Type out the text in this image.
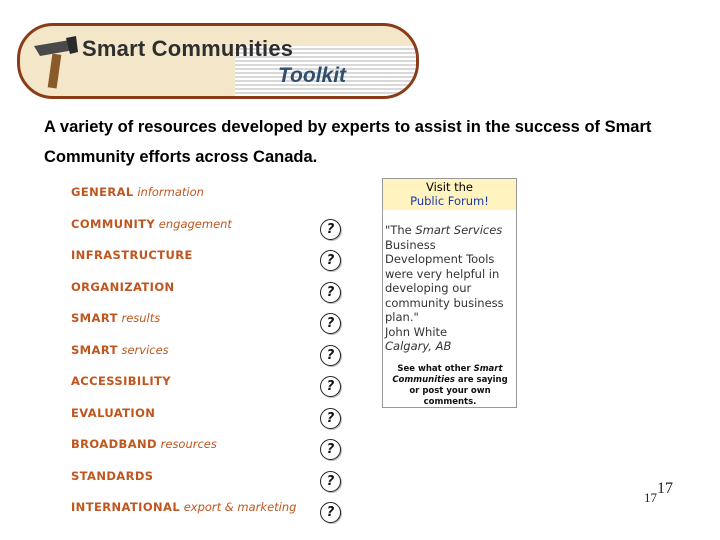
Smart Communities
Toolkit
A variety of resources developed by experts to assist in the success of Smart Community efforts across Canada.
GENERAL information
COMMUNITY engagement	?
INFRASTRUCTURE	?
ORGANIZATION	?
SMART results	?
SMART services	?
ACCESSIBILITY	?
EVALUATION	?
BROADBAND resources	?
STANDARDS	?
INTERNATIONAL export & marketing	?
Visit the
Public Forum!
"The Smart Services Business Development Tools were very helpful in developing our community business plan."
John White
Calgary, AB
See what other Smart Communities are saying or post your own comments.
1717
